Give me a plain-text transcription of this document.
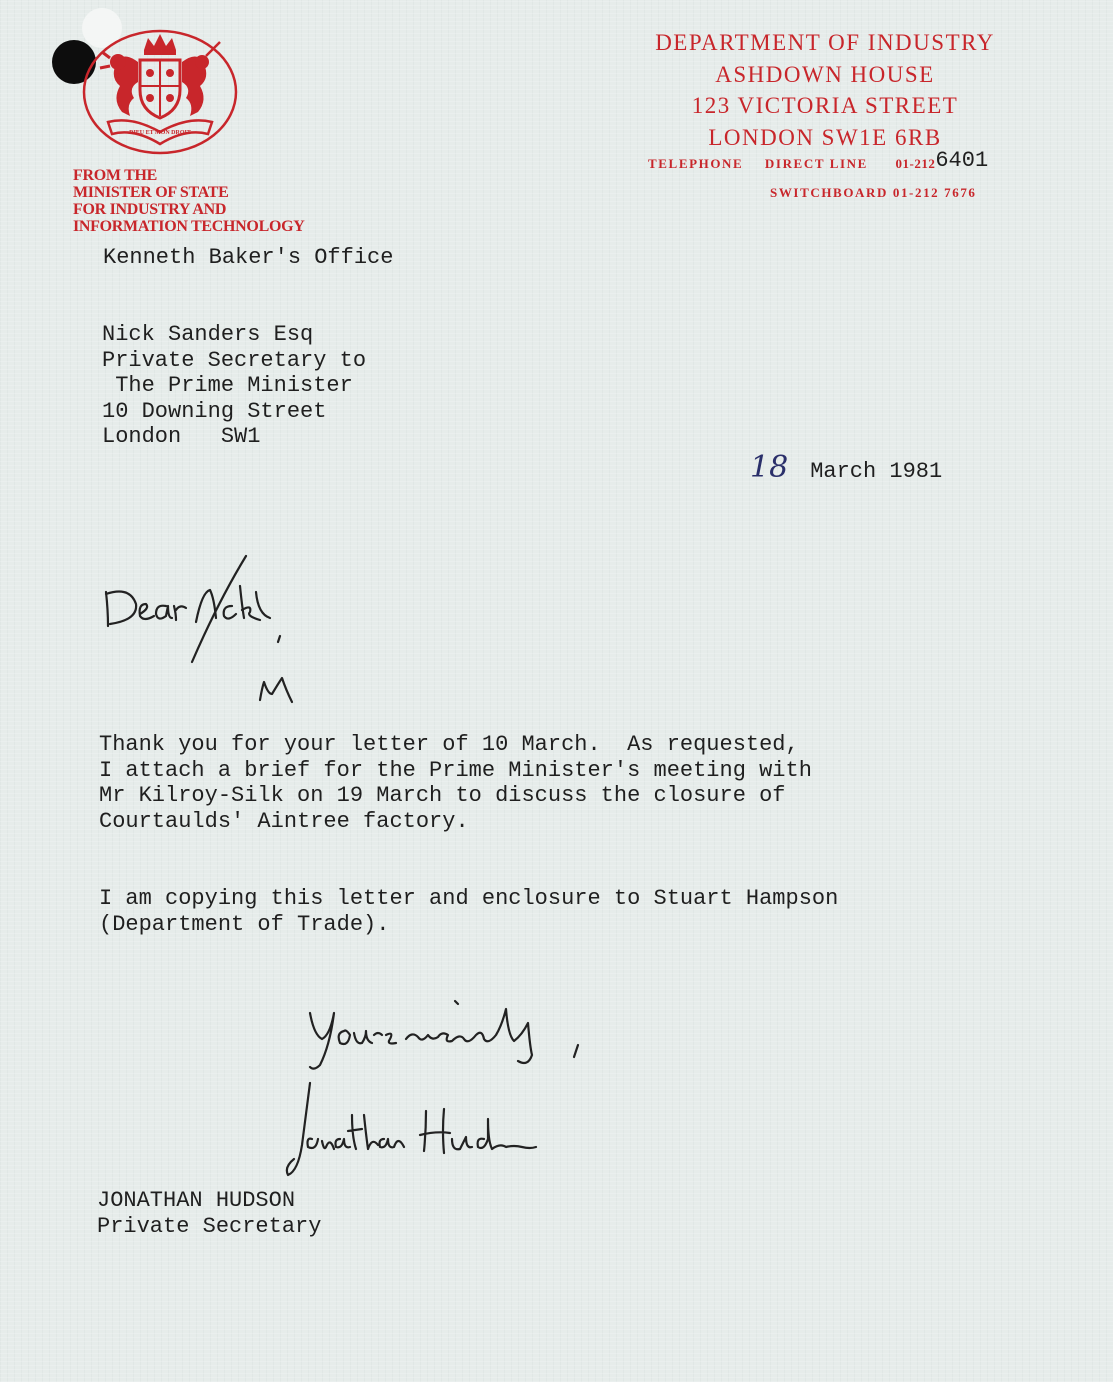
DIEU ET MON DROIT
FROM THE
MINISTER OF STATE
FOR INDUSTRY AND
INFORMATION TECHNOLOGY
DEPARTMENT OF INDUSTRY
ASHDOWN HOUSE
123 VICTORIA STREET
LONDON SW1E 6RB
TELEPHONE DIRECT LINE 01-2126401
SWITCHBOARD 01-212 7676
Kenneth Baker's Office
Nick Sanders Esq
Private Secretary to
The Prime Minister
10 Downing Street
London   SW1
18 March 1981
Thank you for your letter of 10 March.  As requested,
I attach a brief for the Prime Minister's meeting with
Mr Kilroy-Silk on 19 March to discuss the closure of
Courtaulds' Aintree factory.
I am copying this letter and enclosure to Stuart Hampson
(Department of Trade).
JONATHAN HUDSON
Private Secretary
